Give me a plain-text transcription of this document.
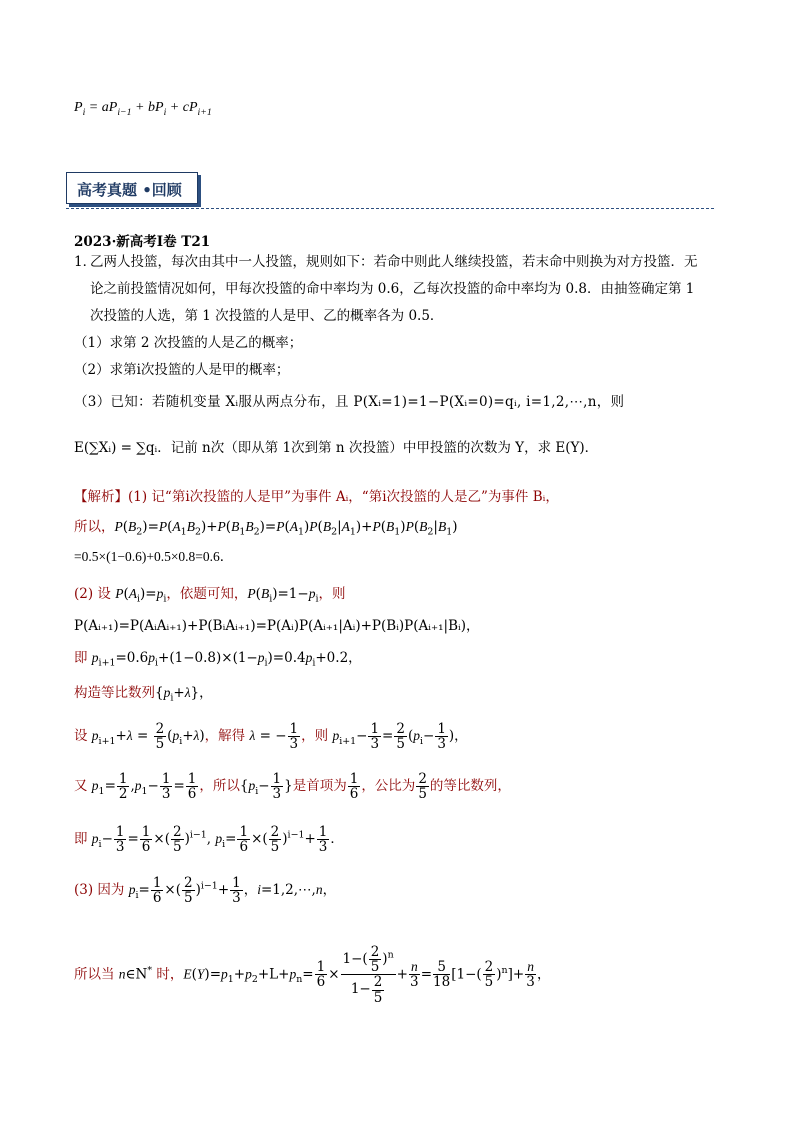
$P_i = aP_{i-1} + bP_i + cP_{i+1}$
高考真题 •回顾
2023·新高考Ⅰ卷 T21
1．
乙两人投篮，每次由其中一人投篮，规则如下：若命中则此人继续投篮，若末命中则换为对方投篮．无
论之前投篮情况如何，甲每次投篮的命中率均为 0.6，乙每次投篮的命中率均为 0.8．由抽签确定第 1
次投篮的人选，第 1 次投篮的人是甲、乙的概率各为 0.5．
（1）求第 2 次投篮的人是乙的概率；
（2）求第i次投篮的人是甲的概率；
（3）已知：若随机变量 Xᵢ服从两点分布，且 P(Xᵢ=1)=1−P(Xᵢ=0)=qᵢ, i=1,2,⋯,n，则
E(∑Xᵢ) = ∑qᵢ．记前 n次（即从第 1次到第 n 次投篮）中甲投篮的次数为 Y，求 E(Y)．
【解析】(1) 记“第i次投篮的人是甲”为事件 Aᵢ，“第i次投篮的人是乙”为事件 Bᵢ，
所以，$P(B_2)=P(A_1B_2)+P(B_1B_2)=P(A_1)P(B_2|A_1)+P(B_1)P(B_2|B_1)$
=0.5×(1−0.6)+0.5×0.8=0.6．
(2) 设 $P(A_i)=p_i$，依题可知，$P(B_i)=1-p_i$，则
P(Aᵢ₊₁)=P(AᵢAᵢ₊₁)+P(BᵢAᵢ₊₁)=P(Aᵢ)P(Aᵢ₊₁|Aᵢ)+P(Bᵢ)P(Aᵢ₊₁|Bᵢ)，
即 $p_{i+1}=0.6p_i+(1-0.8)\times(1-p_i)=0.4p_i+0.2$，
构造等比数列$\{p_i+\lambda\}$，
设 $p_{i+1}+\lambda = \frac{2}{5} (p_i+\lambda)$，解得 λ = − $\frac{1}{3}$ ，则 $p_{i+1}- \frac{1}{3} = \frac{2}{5} (p_i- \frac{1}{3}$ )，
又 $p_1= \frac{1}{2} ,p_1- \frac{1}{3} = \frac{1}{6}$ ，所以{$p_i- \frac{1}{3}$ }是首项为 $\frac{1}{6}$ ，公比为 $\frac{2}{5}$ 的等比数列，
即 $p_i- \frac{1}{3} = \frac{1}{6}$ ×( $\frac{2}{5} )^{i-1}$, $p_i= \frac{1}{6}$ ×( $\frac{2}{5} )^{i-1}+ \frac{1}{3}$ ．
(3) 因为 $p_i= \frac{1}{6}$ ×( $\frac{2}{5} )^{i-1}+ \frac{1}{3}$ ，i=1,2,⋯,n，
所以当 n∈N* 时，$E(Y)=p_1+p_2+L+p_n= \frac{1}{6} \times \frac{1-( \frac{2}{5} )^n}{1- \frac{2}{5}} + \frac{n}{3} = \frac{5}{18} [1-( \frac{2}{5} )^n]+ \frac{n}{3}$ ，
